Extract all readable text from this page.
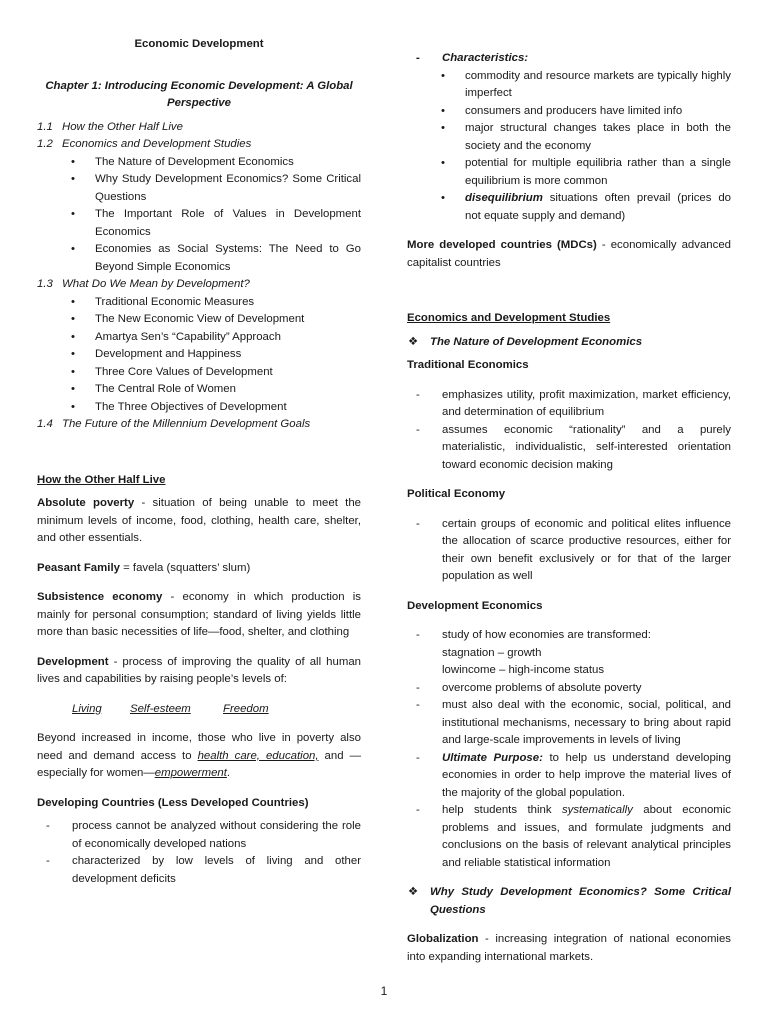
Economic Development

Chapter 1: Introducing Economic Development: A Global Perspective

1.1 How the Other Half Live

1.2 Economics and Development Studies

• The Nature of Development Economics
• Why Study Development Economics? Some Critical Questions
• The Important Role of Values in Development Economics
• Economies as Social Systems: The Need to Go Beyond Simple Economics

1.3 What Do We Mean by Development?

• Traditional Economic Measures
• The New Economic View of Development
• Amartya Sen’s “Capability” Approach
• Development and Happiness
• Three Core Values of Development
• The Central Role of Women
• The Three Objectives of Development

1.4 The Future of the Millennium Development Goals

How the Other Half Live

Absolute poverty - situation of being unable to meet the minimum levels of income, food, clothing, health care, shelter, and other essentials.

Peasant Family = favela (squatters’ slum)

Subsistence economy - economy in which production is mainly for personal consumption; standard of living yields little more than basic necessities of life—food, shelter, and clothing

Development - process of improving the quality of all human lives and capabilities by raising people’s levels of:

Living	Self-esteem	Freedom

Beyond increased in income, those who live in poverty also need and demand access to health care, education, and —especially for women—empowerment.

Developing Countries (Less Developed Countries)

- process cannot be analyzed without considering the role of economically developed nations
- characterized by low levels of living and other development deficits
- Characteristics:
• commodity and resource markets are typically highly imperfect
• consumers and producers have limited info
• major structural changes takes place in both the society and the economy
• potential for multiple equilibria rather than a single equilibrium is more common
• disequilibrium situations often prevail (prices do not equate supply and demand)

More developed countries (MDCs) - economically advanced capitalist countries

Economics and Development Studies

❖ The Nature of Development Economics

Traditional Economics

- emphasizes utility, profit maximization, market efficiency, and determination of equilibrium
- assumes economic “rationality” and a purely materialistic, individualistic, self-interested orientation toward economic decision making

Political Economy

- certain groups of economic and political elites influence the allocation of scarce productive resources, either for their own benefit exclusively or for that of the larger population as well

Development Economics

- study of how economies are transformed:
stagnation – growth
lowincome – high-income status
- overcome problems of absolute poverty
- must also deal with the economic, social, political, and institutional mechanisms, necessary to bring about rapid and large-scale improvements in levels of living
- Ultimate Purpose: to help us understand developing economies in order to help improve the material lives of the majority of the global population.
- help students think systematically about economic problems and issues, and formulate judgments and conclusions on the basis of relevant analytical principles and reliable statistical information

❖ Why Study Development Economics? Some Critical Questions

Globalization - increasing integration of national economies into expanding international markets.

1
